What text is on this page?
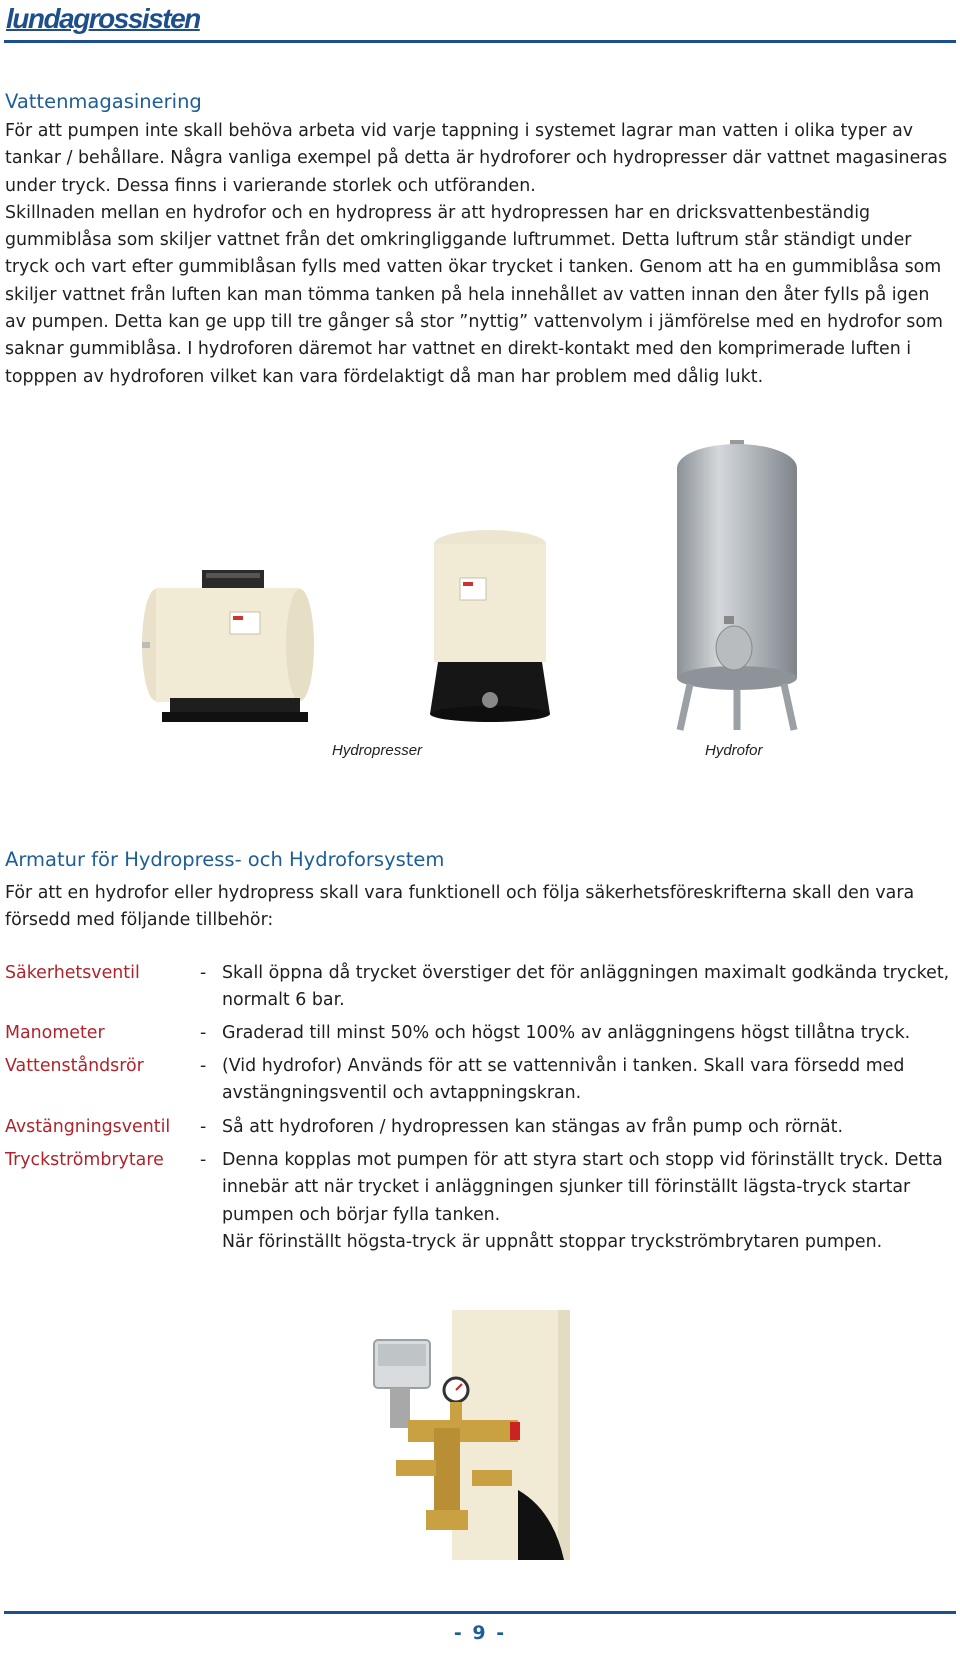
lundagrossisten
Vattenmagasinering

För att pumpen inte skall behöva arbeta vid varje tappning i systemet lagrar man vatten i olika typer av tankar / behållare. Några vanliga exempel på detta är hydroforer och hydropresser där vattnet magasineras under tryck. Dessa finns i varierande storlek och utföranden.

Skillnaden mellan en hydrofor och en hydropress är att hydropressen har en dricksvattenbeständig gummiblåsa som skiljer vattnet från det omkringliggande luftrummet. Detta luftrum står ständigt under tryck och vart efter gummiblåsan fylls med vatten ökar trycket i tanken. Genom att ha en gummiblåsa som skiljer vattnet från luften kan man tömma tanken på hela innehållet av vatten innan den åter fylls på igen av pumpen. Detta kan ge upp till tre gånger så stor ”nyttig” vattenvolym i jämförelse med en hydrofor som saknar gummiblåsa. I hydroforen däremot har vattnet en direkt-kontakt med den komprimerade luften i topppen av hydroforen vilket kan vara fördelaktigt då man har problem med dålig lukt.

Hydropresser	Hydrofor
Armatur för Hydropress- och Hydroforsystem
För att en hydrofor eller hydropress skall vara funktionell och följa säkerhetsföreskrifterna skall den vara försedd med följande tillbehör:
Säkerhetsventil	- Skall öppna då trycket överstiger det för anläggningen maximalt godkända trycket, normalt 6 bar.
Manometer	- Graderad till minst 50% och högst 100% av anläggningens högst tillåtna tryck.
Vattenståndsrör	- (Vid hydrofor) Används för att se vattennivån i tanken. Skall vara försedd med avstängningsventil och avtappningskran.
Avstängningsventil - Så att hydroforen / hydropressen kan stängas av från pump och rörnät.
Tryckströmbrytare - Denna kopplas mot pumpen för att styra start och stopp vid förinställt tryck. Detta innebär att när trycket i anläggningen sjunker till förinställt lägsta-tryck startar pumpen och börjar fylla tanken.

När förinställt högsta-tryck är uppnått stoppar tryckströmbrytaren pumpen.

- 9 -
